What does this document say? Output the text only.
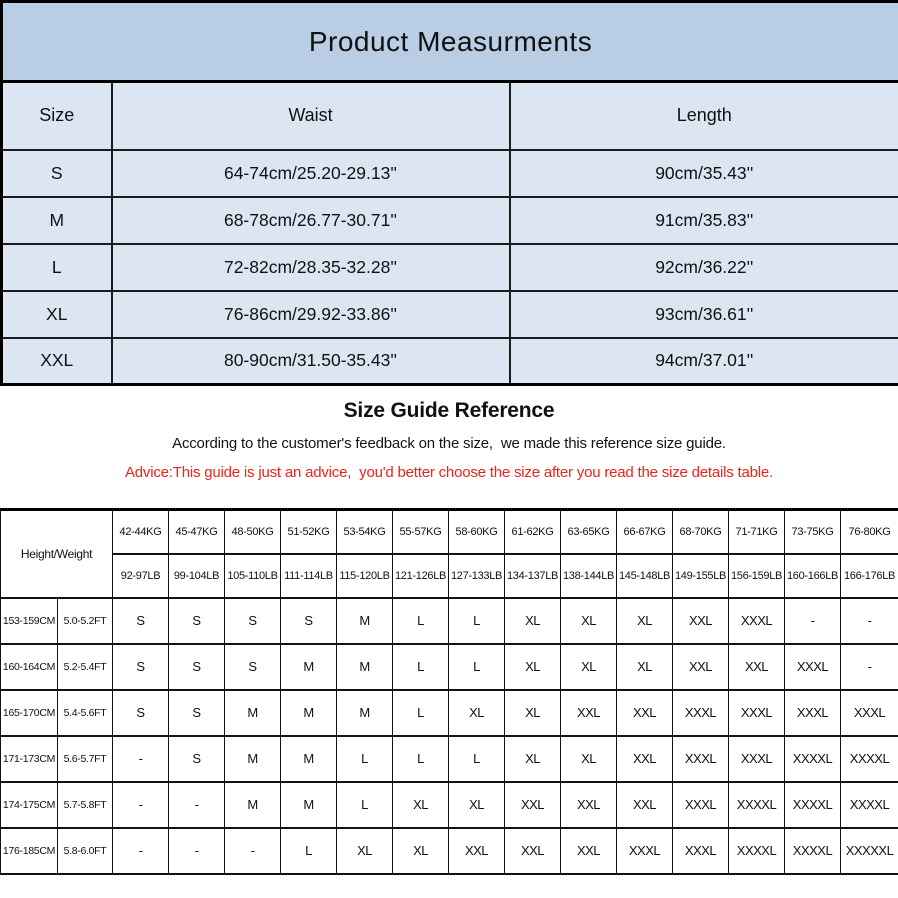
Product Measurments		
Size	Waist	Length
S	64-74cm/25.20-29.13''	90cm/35.43''
M	68-78cm/26.77-30.71''	91cm/35.83''
L	72-82cm/28.35-32.28''	92cm/36.22''
XL	76-86cm/29.92-33.86''	93cm/36.61''
XXL	80-90cm/31.50-35.43''	94cm/37.01''
Size Guide Reference
According to the customer's feedback on the size,  we made this reference size guide.
Advice:This guide is just an advice,  you'd better choose the size after you read the size details table.
Height/Weight		42-44KG	45-47KG	48-50KG	51-52KG	53-54KG	55-57KG	58-60KG	61-62KG	63-65KG	66-67KG	68-70KG	71-71KG	73-75KG	76-80KG
		92-97LB	99-104LB	105-110LB	111-114LB	115-120LB	121-126LB	127-133LB	134-137LB	138-144LB	145-148LB	149-155LB	156-159LB	160-166LB	166-176LB
153-159CM	5.0-5.2FT	S	S	S	S	M	L	L	XL	XL	XL	XXL	XXXL	-	-
160-164CM	5.2-5.4FT	S	S	S	M	M	L	L	XL	XL	XL	XXL	XXL	XXXL	-
165-170CM	5.4-5.6FT	S	S	M	M	M	L	XL	XL	XXL	XXL	XXXL	XXXL	XXXL	XXXL
171-173CM	5.6-5.7FT	-	S	M	M	L	L	L	XL	XL	XXL	XXXL	XXXL	XXXXL	XXXXL
174-175CM	5.7-5.8FT	-	-	M	M	L	XL	XL	XXL	XXL	XXL	XXXL	XXXXL	XXXXL	XXXXL
176-185CM	5.8-6.0FT	-	-	-	L	XL	XL	XXL	XXL	XXL	XXXL	XXXL	XXXXL	XXXXL	XXXXXL
